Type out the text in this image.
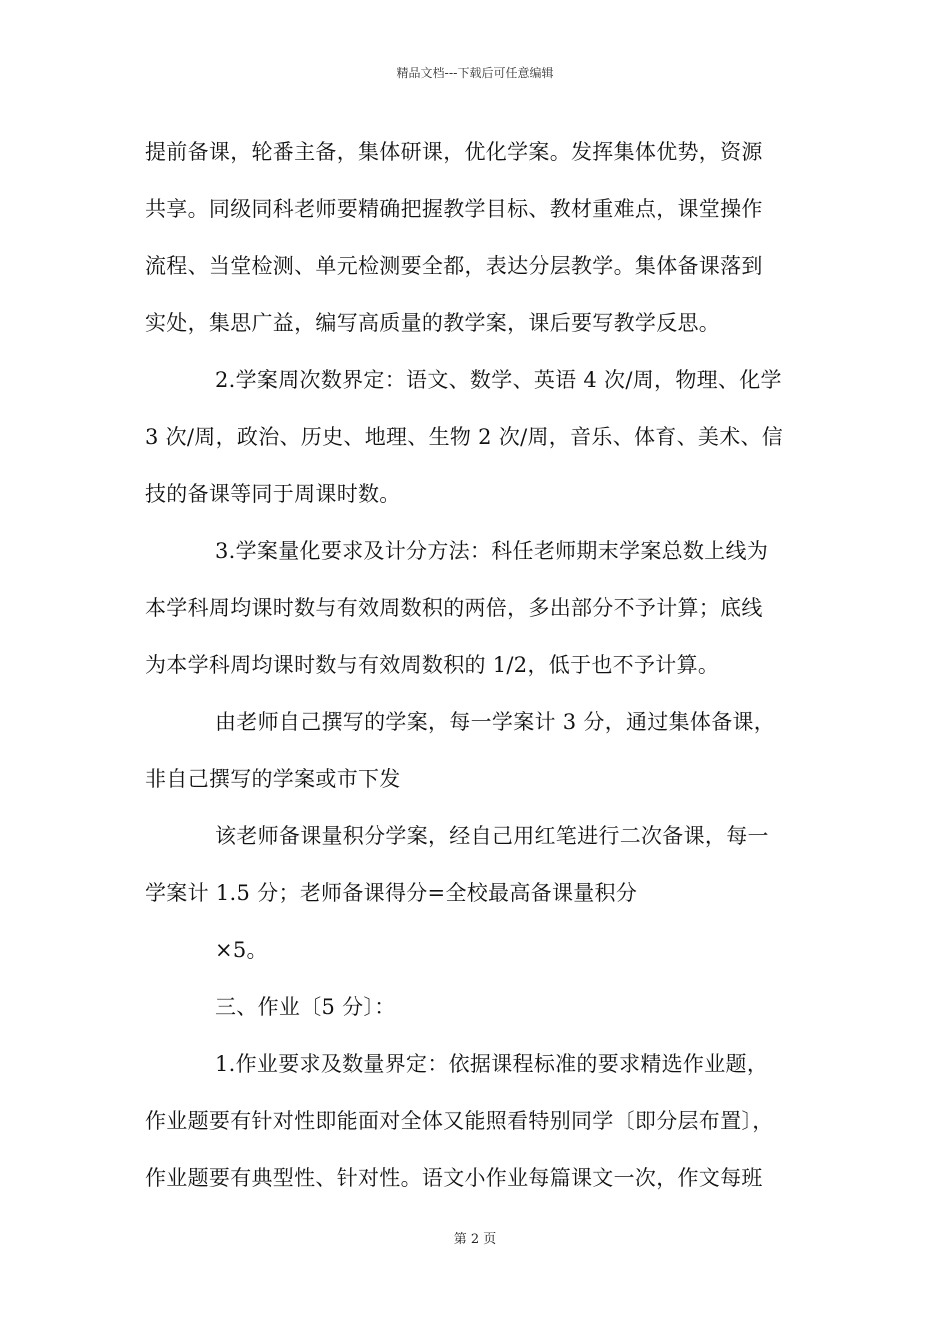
精品文档---下载后可任意编辑
提前备课，轮番主备，集体研课，优化学案。发挥集体优势，资源
共享。同级同科老师要精确把握教学目标、教材重难点，课堂操作
流程、当堂检测、单元检测要全都，表达分层教学。集体备课落到
实处，集思广益，编写高质量的教学案，课后要写教学反思。
2.学案周次数界定：语文、数学、英语 4 次/周，物理、化学
3 次/周，政治、历史、地理、生物 2 次/周，音乐、体育、美术、信
技的备课等同于周课时数。
3.学案量化要求及计分方法：科任老师期末学案总数上线为
本学科周均课时数与有效周数积的两倍，多出部分不予计算；底线
为本学科周均课时数与有效周数积的 1/2，低于也不予计算。
由老师自己撰写的学案，每一学案计 3 分，通过集体备课，
非自己撰写的学案或市下发
该老师备课量积分学案，经自己用红笔进行二次备课，每一
学案计 1.5 分；老师备课得分=全校最高备课量积分
×5。
三、作业〔5 分〕：
1.作业要求及数量界定：依据课程标准的要求精选作业题，
作业题要有针对性即能面对全体又能照看特别同学〔即分层布置〕，
作业题要有典型性、针对性。语文小作业每篇课文一次，作文每班
第 2 页
